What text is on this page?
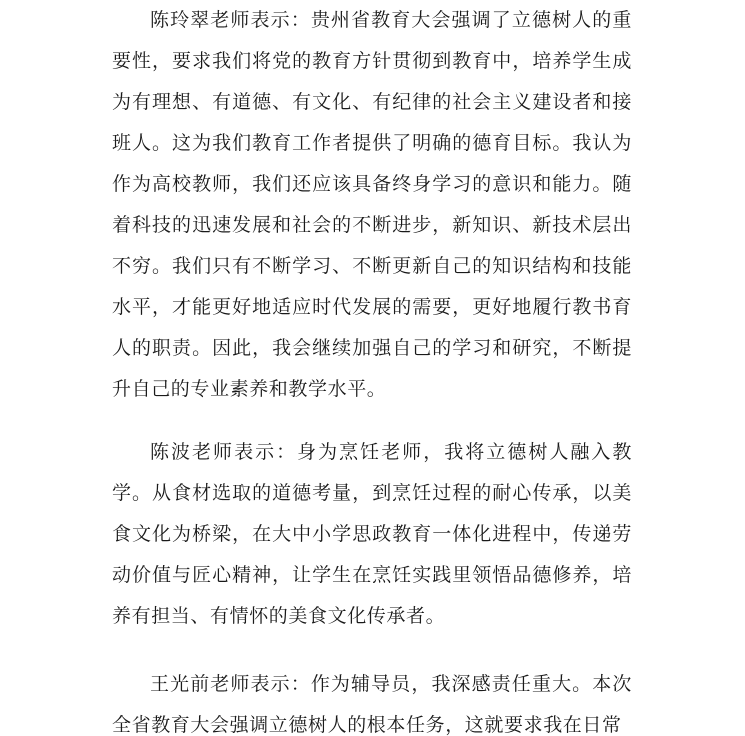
陈玲翠老师表示：贵州省教育大会强调了立德树人的重要性，要求我们将党的教育方针贯彻到教育中，培养学生成为有理想、有道德、有文化、有纪律的社会主义建设者和接班人。这为我们教育工作者提供了明确的德育目标。我认为作为高校教师，我们还应该具备终身学习的意识和能力。随着科技的迅速发展和社会的不断进步，新知识、新技术层出不穷。我们只有不断学习、不断更新自己的知识结构和技能水平，才能更好地适应时代发展的需要，更好地履行教书育人的职责。因此，我会继续加强自己的学习和研究，不断提升自己的专业素养和教学水平。

陈波老师表示：身为烹饪老师，我将立德树人融入教学。从食材选取的道德考量，到烹饪过程的耐心传承，以美食文化为桥梁，在大中小学思政教育一体化进程中，传递劳动价值与匠心精神，让学生在烹饪实践里领悟品德修养，培养有担当、有情怀的美食文化传承者。

王光前老师表示：作为辅导员，我深感责任重大。本次全省教育大会强调立德树人的根本任务，这就要求我在日常
